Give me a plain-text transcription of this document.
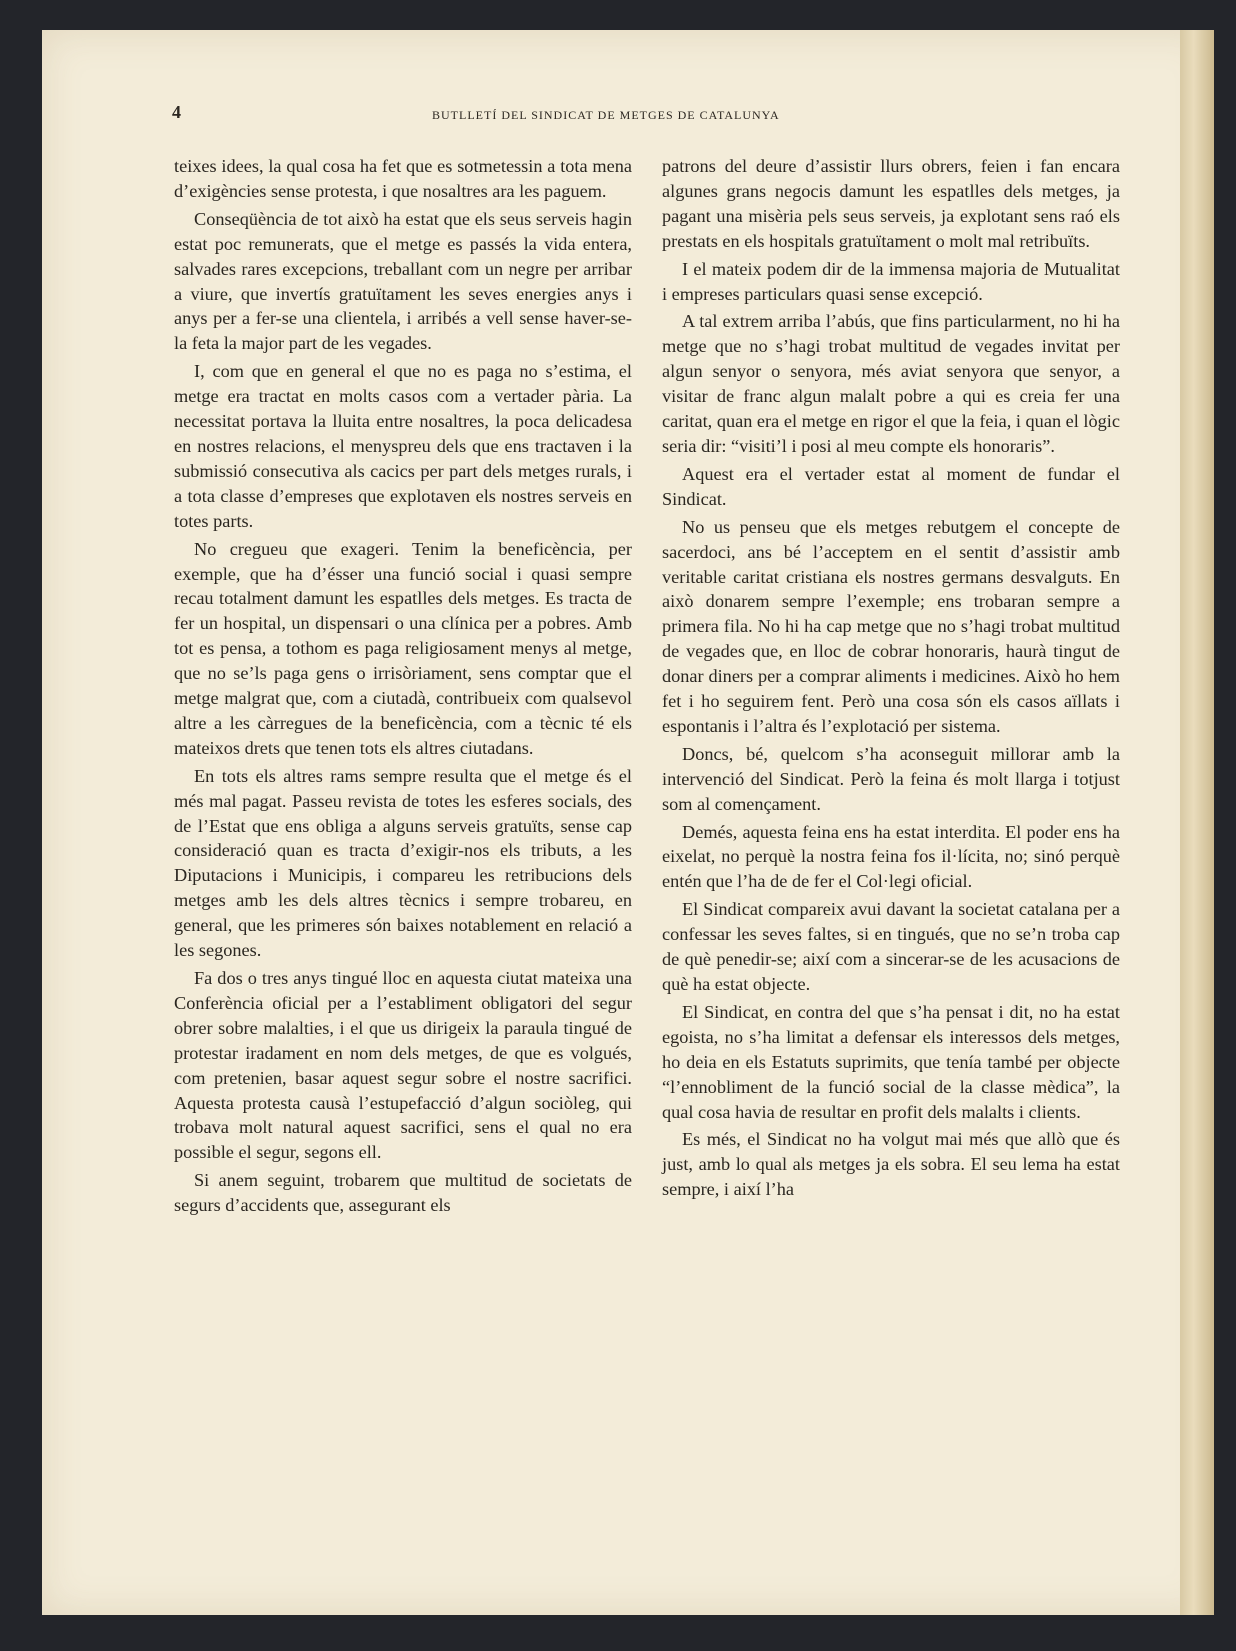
4	BUTLLETÍ DEL SINDICAT DE METGES DE CATALUNYA

teixes idees, la qual cosa ha fet que es sotmetessin a tota mena d’exigències sense protesta, i que nosaltres ara les paguem.

Conseqüència de tot això ha estat que els seus serveis hagin estat poc remunerats, que el metge es passés la vida entera, salvades rares excepcions, treballant com un negre per arribar a viure, que invertís gratuïtament les seves energies anys i anys per a fer-se una clientela, i arribés a vell sense haver-se-la feta la major part de les vegades.

I, com que en general el que no es paga no s’estima, el metge era tractat en molts casos com a vertader pària. La necessitat portava la lluita entre nosaltres, la poca delicadesa en nostres relacions, el menyspreu dels que ens tractaven i la submissió consecutiva als cacics per part dels metges rurals, i a tota classe d’empreses que explotaven els nostres serveis en totes parts.

No cregueu que exageri. Tenim la beneficència, per exemple, que ha d’ésser una funció social i quasi sempre recau totalment damunt les espatlles dels metges. Es tracta de fer un hospital, un dispensari o una clínica per a pobres. Amb tot es pensa, a tothom es paga religiosament menys al metge, que no se’ls paga gens o irrisòriament, sens comptar que el metge malgrat que, com a ciutadà, contribueix com qualsevol altre a les càrregues de la beneficència, com a tècnic té els mateixos drets que tenen tots els altres ciutadans.

En tots els altres rams sempre resulta que el metge és el més mal pagat. Passeu revista de totes les esferes socials, des de l’Estat que ens obliga a alguns serveis gratuïts, sense cap consideració quan es tracta d’exigir-nos els tributs, a les Diputacions i Municipis, i compareu les retribucions dels metges amb les dels altres tècnics i sempre trobareu, en general, que les primeres són baixes notablement en relació a les segones.

Fa dos o tres anys tingué lloc en aquesta ciutat mateixa una Conferència oficial per a l’establiment obligatori del segur obrer sobre malalties, i el que us dirigeix la paraula tingué de protestar iradament en nom dels metges, de que es volgués, com pretenien, basar aquest segur sobre el nostre sacrifici. Aquesta protesta causà l’estupefacció d’algun sociòleg, qui trobava molt natural aquest sacrifici, sens el qual no era possible el segur, segons ell.

Si anem seguint, trobarem que multitud de societats de segurs d’accidents que, assegurant els

patrons del deure d’assistir llurs obrers, feien i fan encara algunes grans negocis damunt les espatlles dels metges, ja pagant una misèria pels seus serveis, ja explotant sens raó els prestats en els hospitals gratuïtament o molt mal retribuïts.

I el mateix podem dir de la immensa majoria de Mutualitat i empreses particulars quasi sense excepció.

A tal extrem arriba l’abús, que fins particularment, no hi ha metge que no s’hagi trobat multitud de vegades invitat per algun senyor o senyora, més aviat senyora que senyor, a visitar de franc algun malalt pobre a qui es creia fer una caritat, quan era el metge en rigor el que la feia, i quan el lògic seria dir: “visiti’l i posi al meu compte els honoraris”.

Aquest era el vertader estat al moment de fundar el Sindicat.

No us penseu que els metges rebutgem el concepte de sacerdoci, ans bé l’acceptem en el sentit d’assistir amb veritable caritat cristiana els nostres germans desvalguts. En això donarem sempre l’exemple; ens trobaran sempre a primera fila. No hi ha cap metge que no s’hagi trobat multitud de vegades que, en lloc de cobrar honoraris, haurà tingut de donar diners per a comprar aliments i medicines. Això ho hem fet i ho seguirem fent. Però una cosa són els casos aïllats i espontanis i l’altra és l’explotació per sistema.

Doncs, bé, quelcom s’ha aconseguit millorar amb la intervenció del Sindicat. Però la feina és molt llarga i totjust som al començament.

Demés, aquesta feina ens ha estat interdita. El poder ens ha eixelat, no perquè la nostra feina fos il·lícita, no; sinó perquè entén que l’ha de de fer el Col·legi oficial.

El Sindicat compareix avui davant la societat catalana per a confessar les seves faltes, si en tingués, que no se’n troba cap de què penedir-se; així com a sincerar-se de les acusacions de què ha estat objecte.

El Sindicat, en contra del que s’ha pensat i dit, no ha estat egoista, no s’ha limitat a defensar els interessos dels metges, ho deia en els Estatuts suprimits, que tenía també per objecte “l’ennobliment de la funció social de la classe mèdica”, la qual cosa havia de resultar en profit dels malalts i clients.

Es més, el Sindicat no ha volgut mai més que allò que és just, amb lo qual als metges ja els sobra. El seu lema ha estat sempre, i així l’ha
